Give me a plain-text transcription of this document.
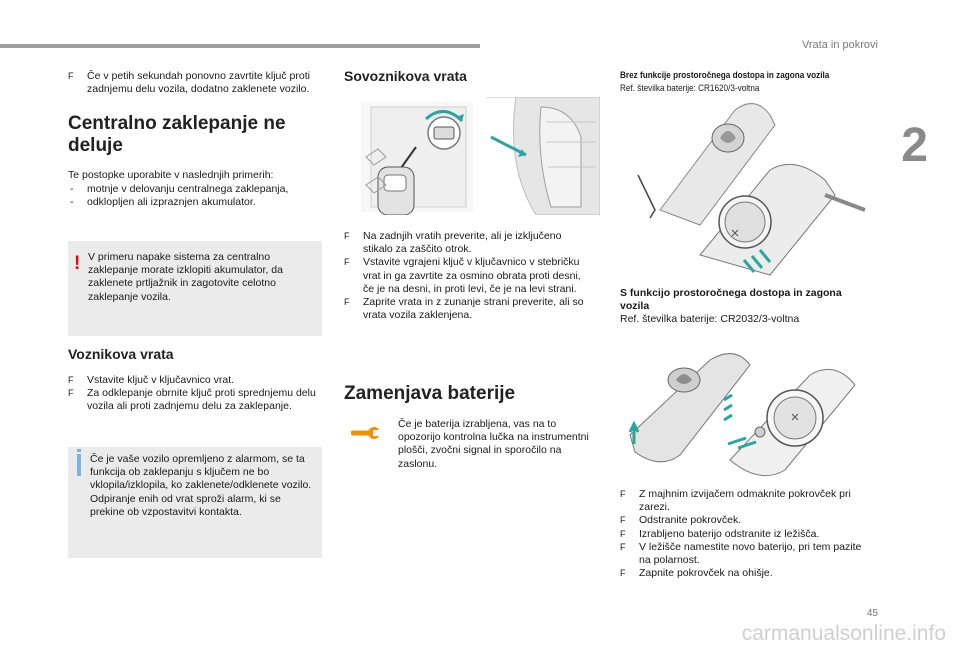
Vrata in pokrovi
2
45
carmanualsonline.info
F Če v petih sekundah ponovno zavrtite ključ proti zadnjemu delu vozila, dodatno zaklenete vozilo.
Centralno zaklepanje ne deluje
Te postopke uporabite v naslednjih primerih:
- motnje v delovanju centralnega zaklepanja,
- odklopljen ali izpraznjen akumulator.
! V primeru napake sistema za centralno zaklepanje morate izklopiti akumulator, da zaklenete prtljažnik in zagotovite celotno zaklepanje vozila.
Voznikova vrata
F Vstavite ključ v ključavnico vrat.
F Za odklepanje obrnite ključ proti sprednjemu delu vozila ali proti zadnjemu delu za zaklepanje.
Če je vaše vozilo opremljeno z alarmom, se ta funkcija ob zaklepanju s ključem ne bo vklopila/izklopila, ko zaklenete/odklenete vozilo.
Odpiranje enih od vrat sproži alarm, ki se prekine ob vzpostavitvi kontakta.
Sovoznikova vrata
F Na zadnjih vratih preverite, ali je izključeno stikalo za zaščito otrok.
F Vstavite vgrajeni ključ v ključavnico v stebričku vrat in ga zavrtite za osmino obrata proti desni, če je na desni, in proti levi, če je na levi strani.
F Zaprite vrata in z zunanje strani preverite, ali so vrata vozila zaklenjena.
Zamenjava baterije
Če je baterija izrabljena, vas na to opozorijo kontrolna lučka na instrumentni plošči, zvočni signal in sporočilo na zaslonu.
Brez funkcije prostoročnega dostopa in zagona vozila
Ref. številka baterije: CR1620/3-voltna
S funkcijo prostoročnega dostopa in zagona vozila
Ref. številka baterije: CR2032/3-voltna
F Z majhnim izvijačem odmaknite pokrovček pri zarezi.
F Odstranite pokrovček.
F Izrabljeno baterijo odstranite iz ležišča.
F V ležišče namestite novo baterijo, pri tem pazite na polarnost.
F Zapnite pokrovček na ohišje.
